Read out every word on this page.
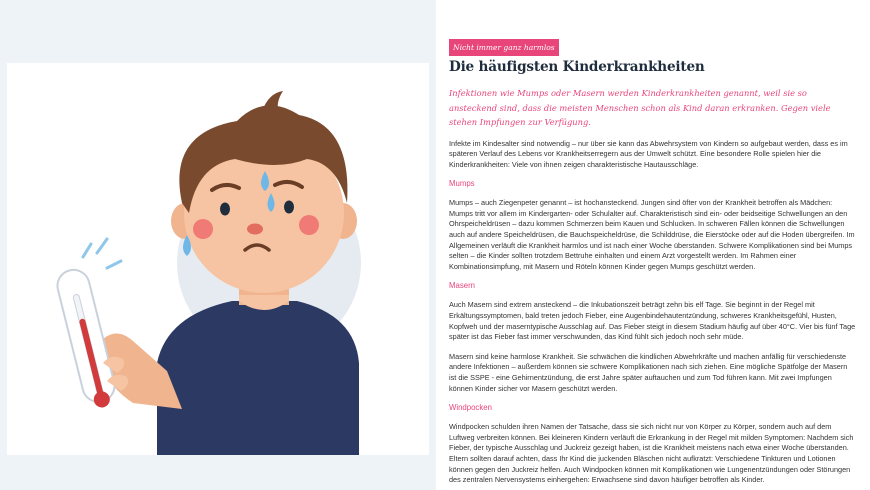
Nicht immer ganz harmlos
Die häufigsten Kinderkrankheiten

Infektionen wie Mumps oder Masern werden Kinderkrankheiten genannt, weil sie so ansteckend sind, dass die meisten Menschen schon als Kind daran erkranken. Gegen viele stehen Impfungen zur Verfügung.

Infekte im Kindesalter sind notwendig – nur über sie kann das Abwehrsystem von Kindern so aufgebaut werden, dass es im späteren Verlauf des Lebens vor Krankheitserregern aus der Umwelt schützt. Eine besondere Rolle spielen hier die Kinderkrankheiten: Viele von ihnen zeigen charakteristische Hautausschläge.

Mumps

Mumps – auch Ziegenpeter genannt – ist hochansteckend. Jungen sind öfter von der Krankheit betroffen als Mädchen: Mumps tritt vor allem im Kindergarten- oder Schulalter auf. Charakteristisch sind ein- oder beidseitige Schwellungen an den Ohrspeicheldrüsen – dazu kommen Schmerzen beim Kauen und Schlucken. In schweren Fällen können die Schwellungen auch auf andere Speicheldrüsen, die Bauchspeicheldrüse, die Schilddrüse, die Eierstöcke oder auf die Hoden übergreifen. Im Allgemeinen verläuft die Krankheit harmlos und ist nach einer Woche überstanden. Schwere Komplikationen sind bei Mumps selten – die Kinder sollten trotzdem Bettruhe einhalten und einem Arzt vorgestellt werden. Im Rahmen einer Kombinationsimpfung, mit Masern und Röteln können Kinder gegen Mumps geschützt werden.

Masern

Auch Masern sind extrem ansteckend – die Inkubationszeit beträgt zehn bis elf Tage. Sie beginnt in der Regel mit Erkältungssymptomen, bald treten jedoch Fieber, eine Augenbindehautentzündung, schweres Krankheitsgefühl, Husten, Kopfweh und der maserntypische Ausschlag auf. Das Fieber steigt in diesem Stadium häufig auf über 40°C. Vier bis fünf Tage später ist das Fieber fast immer verschwunden, das Kind fühlt sich jedoch noch sehr müde.

Masern sind keine harmlose Krankheit. Sie schwächen die kindlichen Abwehrkräfte und machen anfällig für verschiedenste andere Infektionen – außerdem können sie schwere Komplikationen nach sich ziehen. Eine mögliche Spätfolge der Masern ist die SSPE - eine Gehirnentzündung, die erst Jahre später auftauchen und zum Tod führen kann. Mit zwei Impfungen können Kinder sicher vor Masern geschützt werden.

Windpocken

Windpocken schulden ihren Namen der Tatsache, dass sie sich nicht nur von Körper zu Körper, sondern auch auf dem Luftweg verbreiten können. Bei kleineren Kindern verläuft die Erkrankung in der Regel mit milden Symptomen: Nachdem sich Fieber, der typische Ausschlag und Juckreiz gezeigt haben, ist die Krankheit meistens nach etwa einer Woche überstanden. Eltern sollten darauf achten, dass Ihr Kind die juckenden Bläschen nicht aufkratzt: Verschiedene Tinkturen und Lotionen können gegen den Juckreiz helfen. Auch Windpocken können mit Komplikationen wie Lungenentzündungen oder Störungen des zentralen Nervensystems einhergehen: Erwachsene sind davon häufiger betroffen als Kinder.
